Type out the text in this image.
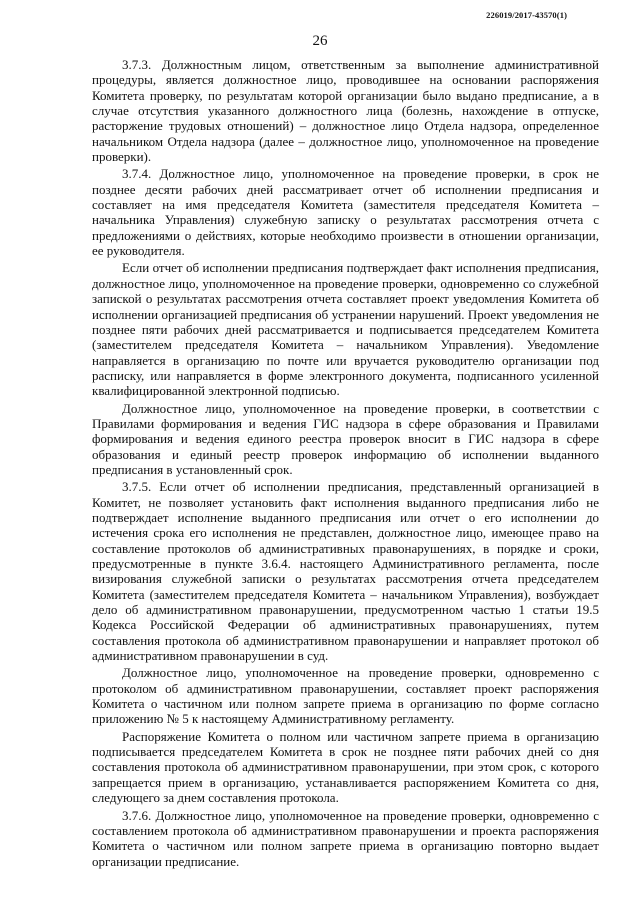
226019/2017-43570(1)
26

3.7.3. Должностным лицом, ответственным за выполнение административной процедуры, является должностное лицо, проводившее на основании распоряжения Комитета проверку, по результатам которой организации было выдано предписание, а в случае отсутствия указанного должностного лица (болезнь, нахождение в отпуске, расторжение трудовых отношений) – должностное лицо Отдела надзора, определенное начальником Отдела надзора (далее – должностное лицо, уполномоченное на проведение проверки).

3.7.4. Должностное лицо, уполномоченное на проведение проверки, в срок не позднее десяти рабочих дней рассматривает отчет об исполнении предписания и составляет на имя председателя Комитета (заместителя председателя Комитета – начальника Управления) служебную записку о результатах рассмотрения отчета с предложениями о действиях, которые необходимо произвести в отношении организации, ее руководителя.

Если отчет об исполнении предписания подтверждает факт исполнения предписания, должностное лицо, уполномоченное на проведение проверки, одновременно со служебной запиской о результатах рассмотрения отчета составляет проект уведомления Комитета об исполнении организацией предписания об устранении нарушений. Проект уведомления не позднее пяти рабочих дней рассматривается и подписывается председателем Комитета (заместителем председателя Комитета – начальником Управления). Уведомление направляется в организацию по почте или вручается руководителю организации под расписку, или направляется в форме электронного документа, подписанного усиленной квалифицированной электронной подписью.

Должностное лицо, уполномоченное на проведение проверки, в соответствии с Правилами формирования и ведения ГИС надзора в сфере образования и Правилами формирования и ведения единого реестра проверок вносит в ГИС надзора в сфере образования и единый реестр проверок информацию об исполнении выданного предписания в установленный срок.

3.7.5. Если отчет об исполнении предписания, представленный организацией в Комитет, не позволяет установить факт исполнения выданного предписания либо не подтверждает исполнение выданного предписания или отчет о его исполнении до истечения срока его исполнения не представлен, должностное лицо, имеющее право на составление протоколов об административных правонарушениях, в порядке и сроки, предусмотренные в пункте 3.6.4. настоящего Административного регламента, после визирования служебной записки о результатах рассмотрения отчета председателем Комитета (заместителем председателя Комитета – начальником Управления), возбуждает дело об административном правонарушении, предусмотренном частью 1 статьи 19.5 Кодекса Российской Федерации об административных правонарушениях, путем составления протокола об административном правонарушении и направляет протокол об административном правонарушении в суд.

Должностное лицо, уполномоченное на проведение проверки, одновременно с протоколом об административном правонарушении, составляет проект распоряжения Комитета о частичном или полном запрете приема в организацию по форме согласно приложению № 5 к настоящему Административному регламенту.

Распоряжение Комитета о полном или частичном запрете приема в организацию подписывается председателем Комитета в срок не позднее пяти рабочих дней со дня составления протокола об административном правонарушении, при этом срок, с которого запрещается прием в организацию, устанавливается распоряжением Комитета со дня, следующего за днем составления протокола.

3.7.6. Должностное лицо, уполномоченное на проведение проверки, одновременно с составлением протокола об административном правонарушении и проекта распоряжения Комитета о частичном или полном запрете приема в организацию повторно выдает организации предписание.
